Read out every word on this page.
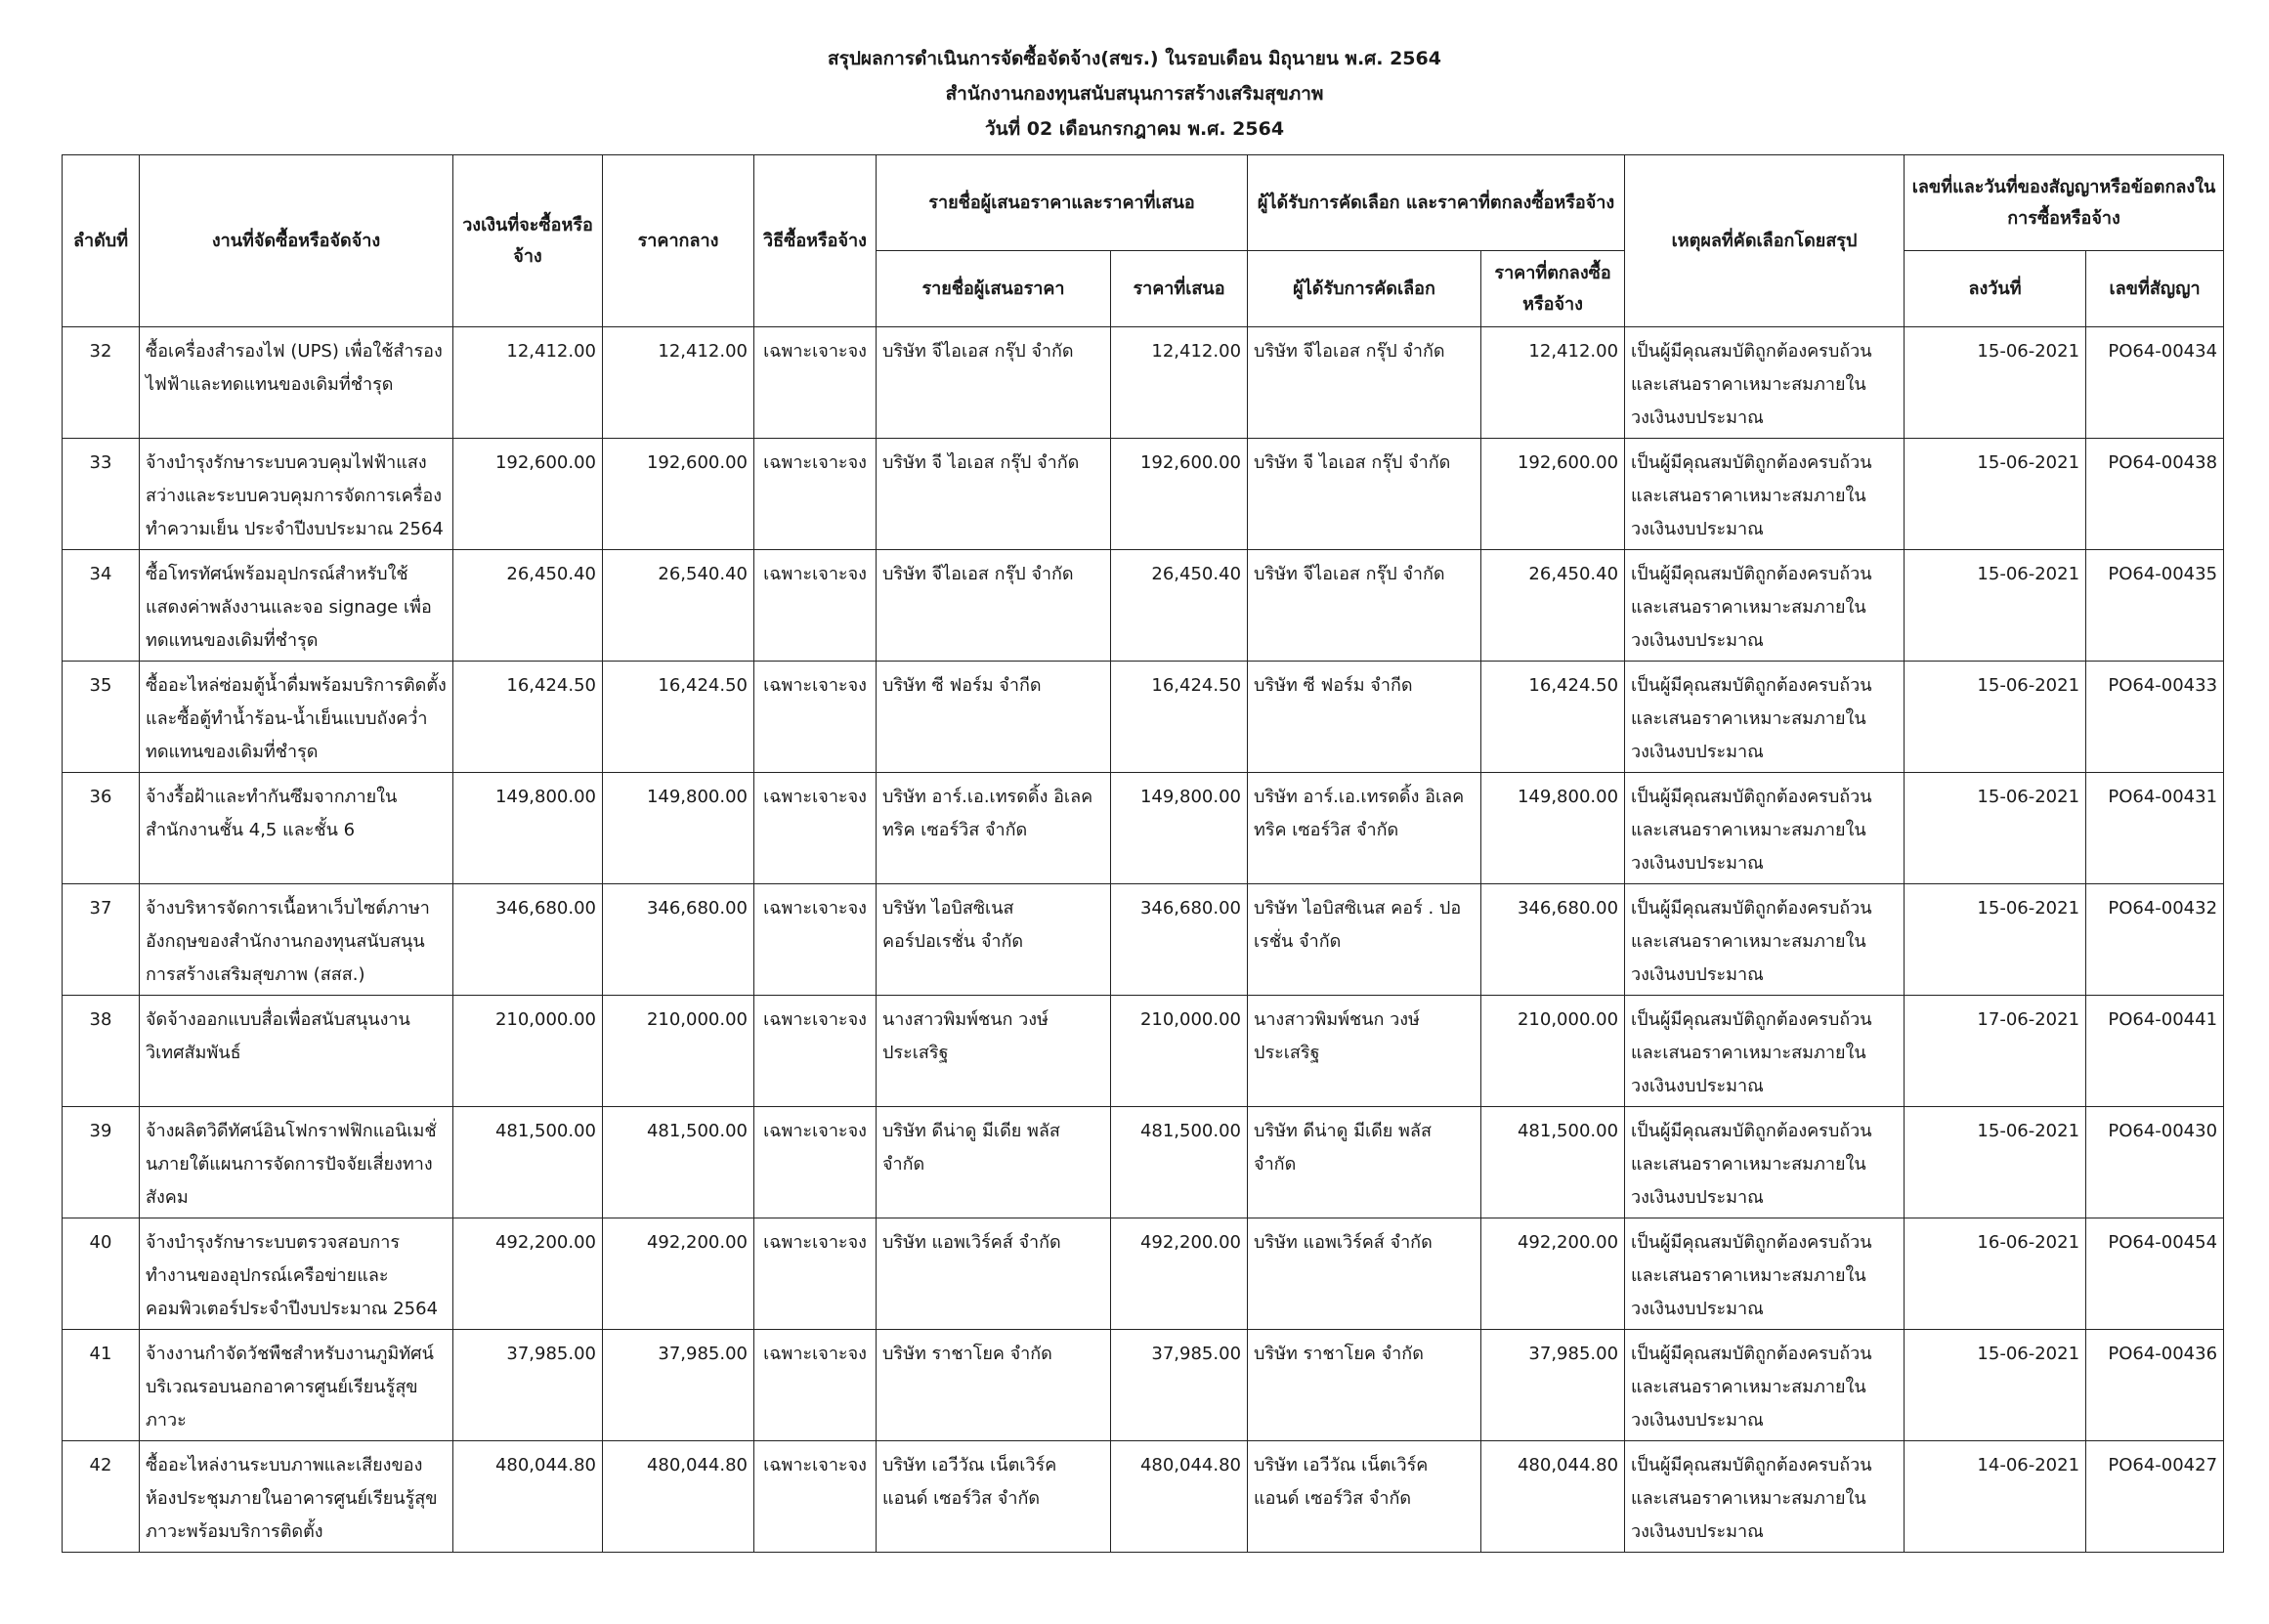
สรุปผลการดำเนินการจัดซื้อจัดจ้าง(สขร.) ในรอบเดือน มิถุนายน พ.ศ. 2564
สำนักงานกองทุนสนับสนุนการสร้างเสริมสุขภาพ
วันที่ 02 เดือนกรกฎาคม พ.ศ. 2564
ลำดับที่	งานที่จัดซื้อหรือจัดจ้าง	วงเงินที่จะซื้อหรือจ้าง	ราคากลาง	วิธีซื้อหรือจ้าง	รายชื่อผู้เสนอราคาและราคาที่เสนอ		ผู้ได้รับการคัดเลือก และราคาที่ตกลงซื้อหรือจ้าง		เหตุผลที่คัดเลือกโดยสรุป	เลขที่และวันที่ของสัญญาหรือข้อตกลงในการซื้อหรือจ้าง	
					รายชื่อผู้เสนอราคา	ราคาที่เสนอ	ผู้ได้รับการคัดเลือก	ราคาที่ตกลงซื้อหรือจ้าง		ลงวันที่	เลขที่สัญญา
32	ซื้อเครื่องสำรองไฟ (UPS) เพื่อใช้สำรองไฟฟ้าและทดแทนของเดิมที่ชำรุด	12,412.00	12,412.00	เฉพาะเจาะจง	บริษัท จีไอเอส กรุ๊ป จำกัด	12,412.00	บริษัท จีไอเอส กรุ๊ป จำกัด	12,412.00	เป็นผู้มีคุณสมบัติถูกต้องครบถ้วนและเสนอราคาเหมาะสมภายในวงเงินงบประมาณ	15-06-2021	PO64-00434
33	จ้างบำรุงรักษาระบบควบคุมไฟฟ้าแสงสว่างและระบบควบคุมการจัดการเครื่องทำความเย็น ประจำปีงบประมาณ 2564	192,600.00	192,600.00	เฉพาะเจาะจง	บริษัท จี ไอเอส กรุ๊ป จำกัด	192,600.00	บริษัท จี ไอเอส กรุ๊ป จำกัด	192,600.00	เป็นผู้มีคุณสมบัติถูกต้องครบถ้วนและเสนอราคาเหมาะสมภายในวงเงินงบประมาณ	15-06-2021	PO64-00438
34	ซื้อโทรทัศน์พร้อมอุปกรณ์สำหรับใช้แสดงค่าพลังงานและจอ signage เพื่อทดแทนของเดิมที่ชำรุด	26,450.40	26,540.40	เฉพาะเจาะจง	บริษัท จีไอเอส กรุ๊ป จำกัด	26,450.40	บริษัท จีไอเอส กรุ๊ป จำกัด	26,450.40	เป็นผู้มีคุณสมบัติถูกต้องครบถ้วนและเสนอราคาเหมาะสมภายในวงเงินงบประมาณ	15-06-2021	PO64-00435
35	ซื้ออะไหล่ซ่อมตู้น้ำดื่มพร้อมบริการติดตั้งและซื้อตู้ทำน้ำร้อน-น้ำเย็นแบบถังคว่ำทดแทนของเดิมที่ชำรุด	16,424.50	16,424.50	เฉพาะเจาะจง	บริษัท ซี ฟอร์ม จำกีด	16,424.50	บริษัท ซี ฟอร์ม จำกีด	16,424.50	เป็นผู้มีคุณสมบัติถูกต้องครบถ้วนและเสนอราคาเหมาะสมภายในวงเงินงบประมาณ	15-06-2021	PO64-00433
36	จ้างรื้อฝ้าและทำกันซึมจากภายในสำนักงานชั้น 4,5 และชั้น 6	149,800.00	149,800.00	เฉพาะเจาะจง	บริษัท อาร์.เอ.เทรดดิ้ง อิเลคทริค เซอร์วิส จำกัด	149,800.00	บริษัท อาร์.เอ.เทรดดิ้ง อิเลคทริค เซอร์วิส จำกัด	149,800.00	เป็นผู้มีคุณสมบัติถูกต้องครบถ้วนและเสนอราคาเหมาะสมภายในวงเงินงบประมาณ	15-06-2021	PO64-00431
37	จ้างบริหารจัดการเนื้อหาเว็บไซต์ภาษาอังกฤษของสำนักงานกองทุนสนับสนุนการสร้างเสริมสุขภาพ (สสส.)	346,680.00	346,680.00	เฉพาะเจาะจง	บริษัท ไอบิสซิเนส คอร์ปอเรชั่น จำกัด	346,680.00	บริษัท ไอบิสซิเนส คอร์ . ปอเรชั่น จำกัด	346,680.00	เป็นผู้มีคุณสมบัติถูกต้องครบถ้วนและเสนอราคาเหมาะสมภายในวงเงินงบประมาณ	15-06-2021	PO64-00432
38	จัดจ้างออกแบบสื่อเพื่อสนับสนุนงานวิเทศสัมพันธ์	210,000.00	210,000.00	เฉพาะเจาะจง	นางสาวพิมพ์ชนก วงษ์ประเสริฐ	210,000.00	นางสาวพิมพ์ชนก วงษ์ประเสริฐ	210,000.00	เป็นผู้มีคุณสมบัติถูกต้องครบถ้วนและเสนอราคาเหมาะสมภายในวงเงินงบประมาณ	17-06-2021	PO64-00441
39	จ้างผลิตวิดีทัศน์อินโฟกราฟฟิกแอนิเมชั่นภายใต้แผนการจัดการปัจจัยเสี่ยงทางสังคม	481,500.00	481,500.00	เฉพาะเจาะจง	บริษัท ดีน่าดู มีเดีย พลัส จำกัด	481,500.00	บริษัท ดีน่าดู มีเดีย พลัส จำกัด	481,500.00	เป็นผู้มีคุณสมบัติถูกต้องครบถ้วนและเสนอราคาเหมาะสมภายในวงเงินงบประมาณ	15-06-2021	PO64-00430
40	จ้างบำรุงรักษาระบบตรวจสอบการทำงานของอุปกรณ์เครือข่ายและคอมพิวเตอร์ประจำปีงบประมาณ 2564	492,200.00	492,200.00	เฉพาะเจาะจง	บริษัท แอพเวิร์คส์ จำกัด	492,200.00	บริษัท แอพเวิร์คส์ จำกัด	492,200.00	เป็นผู้มีคุณสมบัติถูกต้องครบถ้วนและเสนอราคาเหมาะสมภายในวงเงินงบประมาณ	16-06-2021	PO64-00454
41	จ้างงานกำจัดวัชพืชสำหรับงานภูมิทัศน์บริเวณรอบนอกอาคารศูนย์เรียนรู้สุขภาวะ	37,985.00	37,985.00	เฉพาะเจาะจง	บริษัท ราชาโยค จำกัด	37,985.00	บริษัท ราชาโยค จำกัด	37,985.00	เป็นผู้มีคุณสมบัติถูกต้องครบถ้วนและเสนอราคาเหมาะสมภายในวงเงินงบประมาณ	15-06-2021	PO64-00436
42	ซื้ออะไหล่งานระบบภาพและเสียงของห้องประชุมภายในอาคารศูนย์เรียนรู้สุขภาวะพร้อมบริการติดตั้ง	480,044.80	480,044.80	เฉพาะเจาะจง	บริษัท เอวีวัณ เน็ตเวิร์ค แอนด์ เซอร์วิส จำกัด	480,044.80	บริษัท เอวีวัณ เน็ตเวิร์ค แอนด์ เซอร์วิส จำกัด	480,044.80	เป็นผู้มีคุณสมบัติถูกต้องครบถ้วนและเสนอราคาเหมาะสมภายในวงเงินงบประมาณ	14-06-2021	PO64-00427
